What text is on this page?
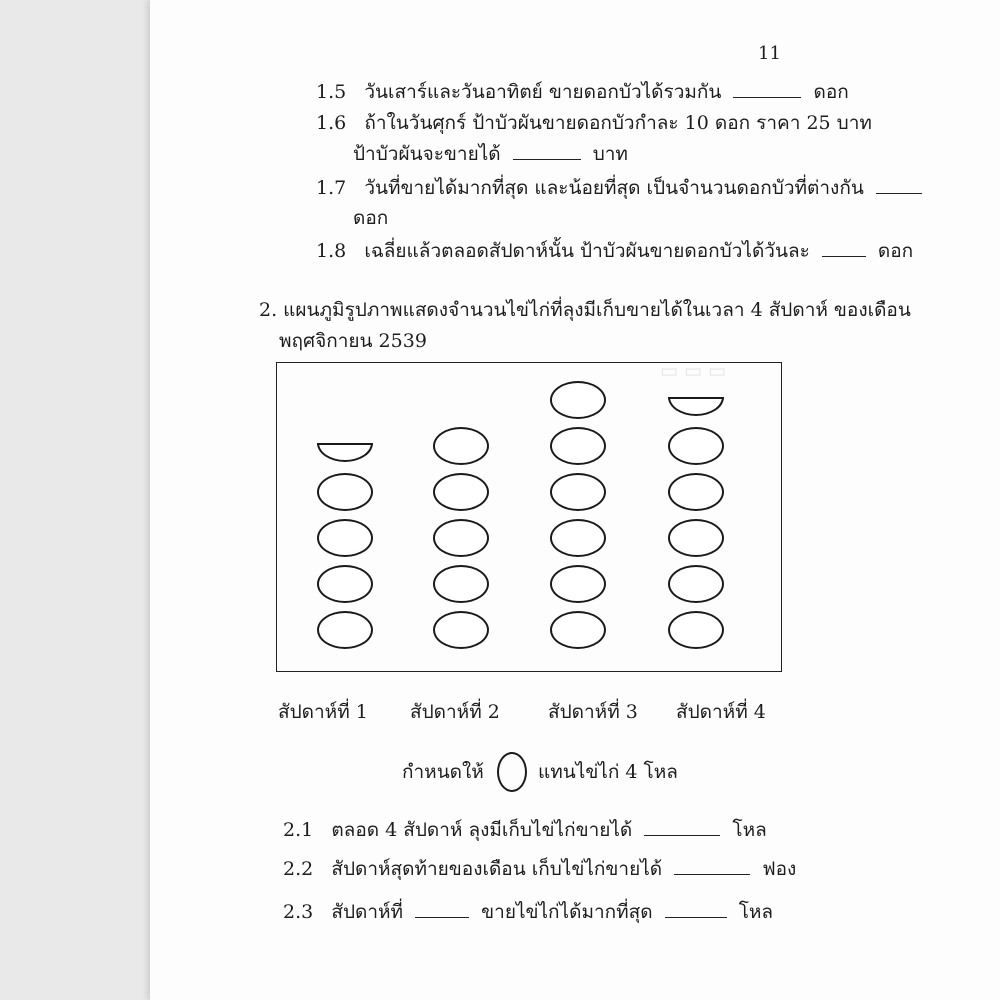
▭ ▭ ▭
11
1.5 วันเสาร์และวันอาทิตย์ ขายดอกบัวได้รวมกัน	ดอก
1.6 ถ้าในวันศุกร์ ป้าบัวผันขายดอกบัวกำละ 10 ดอก ราคา 25 บาท
ป้าบัวผันจะขายได้	บาท
1.7 วันที่ขายได้มากที่สุด และน้อยที่สุด เป็นจำนวนดอกบัวที่ต่างกัน
ดอก
1.8 เฉลี่ยแล้วตลอดสัปดาห์นั้น ป้าบัวผันขายดอกบัวได้วันละ	ดอก
2. แผนภูมิรูปภาพแสดงจำนวนไข่ไก่ที่ลุงมีเก็บขายได้ในเวลา 4 สัปดาห์ ของเดือน
พฤศจิกายน 2539
สัปดาห์ที่ 1 สัปดาห์ที่ 2	สัปดาห์ที่ 3 สัปดาห์ที่ 4
กำหนดให้	แทนไข่ไก่ 4 โหล
2.1 ตลอด 4 สัปดาห์ ลุงมีเก็บไข่ไก่ขายได้	โหล
2.2 สัปดาห์สุดท้ายของเดือน เก็บไข่ไก่ขายได้	ฟอง
2.3 สัปดาห์ที่	ขายไข่ไก่ได้มากที่สุด	โหล
